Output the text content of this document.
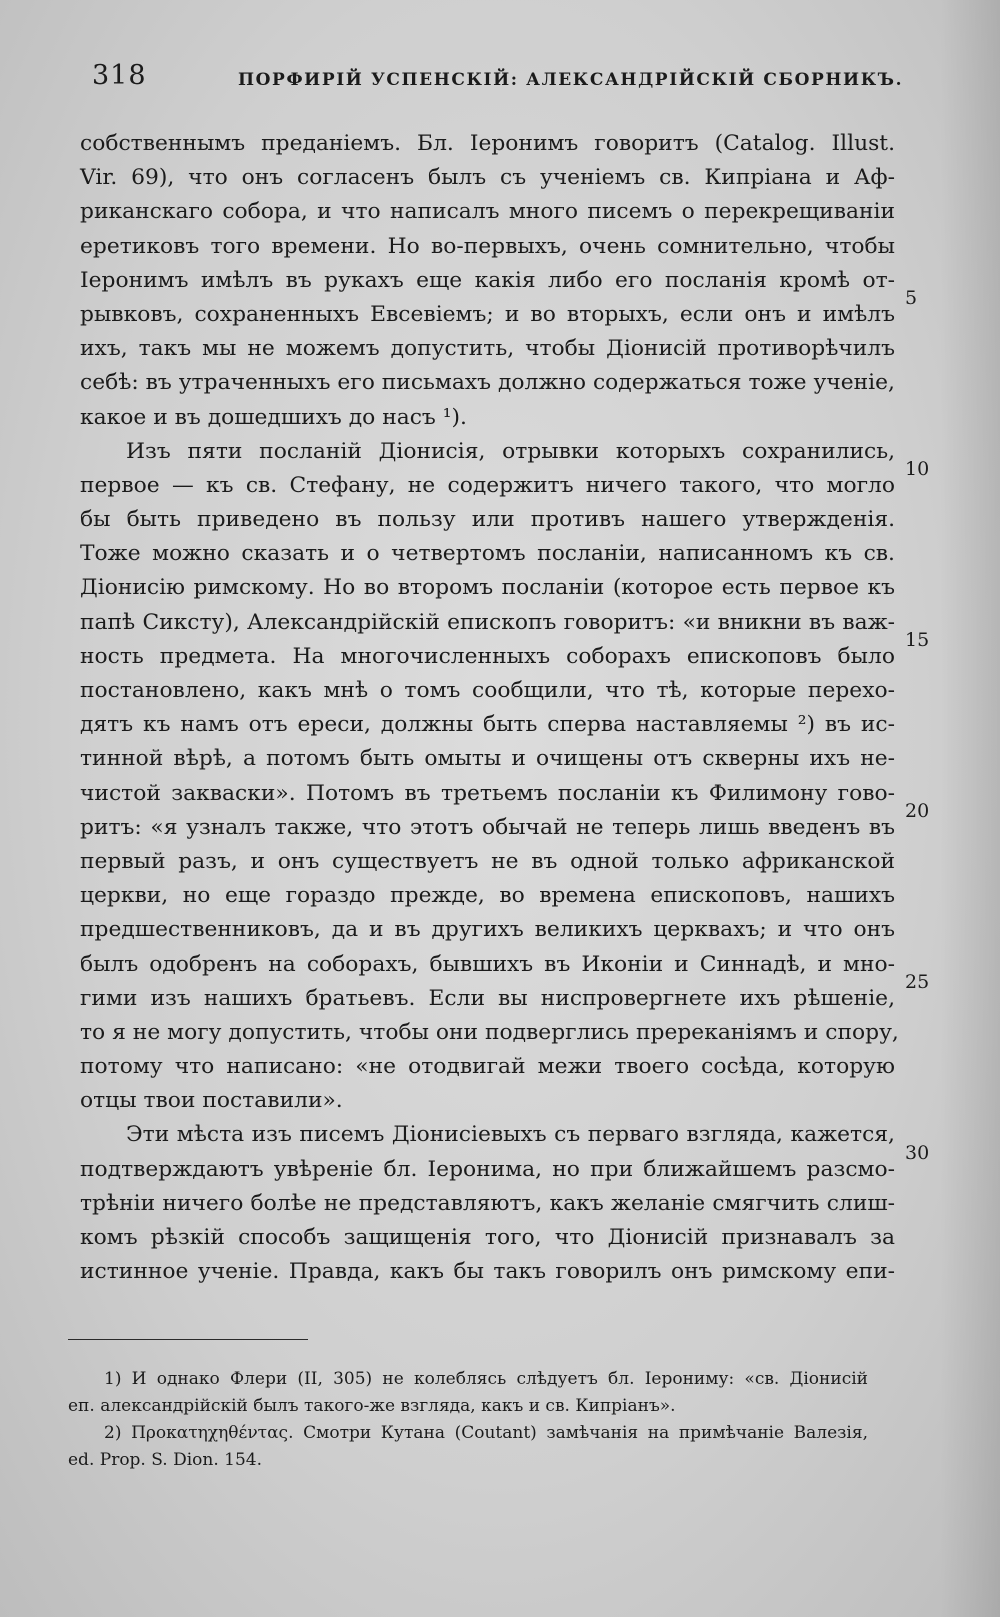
318	ПОРФИРІЙ УСПЕНСКІЙ: АЛЕКСАНДРІЙСКІЙ СБОРНИКЪ.
собственнымъ преданіемъ. Бл. Іеронимъ говоритъ (Catalog. Illust.
Vir. 69), что онъ согласенъ былъ съ ученіемъ св. Кипріана и Аф-
риканскаго собора, и что написалъ много писемъ о перекрещиваніи
еретиковъ того времени. Но во-первыхъ, очень сомнительно, чтобы
Іеронимъ имѣлъ въ рукахъ еще какія либо его посланія кромѣ от-
рывковъ, сохраненныхъ Евсевіемъ; и во вторыхъ, если онъ и имѣлъ
ихъ, такъ мы не можемъ допустить, чтобы Діонисій противорѣчилъ
себѣ: въ утраченныхъ его письмахъ должно содержаться тоже ученіе,
какое и въ дошедшихъ до насъ ¹).
Изъ пяти посланій Діонисія, отрывки которыхъ сохранились,
первое — къ св. Стефану, не содержитъ ничего такого, что могло
бы быть приведено въ пользу или противъ нашего утвержденія.
Тоже можно сказать и о четвертомъ посланіи, написанномъ къ св.
Діонисію римскому. Но во второмъ посланіи (которое есть первое къ
папѣ Сиксту), Александрійскій епископъ говоритъ: «и вникни въ важ-
ность предмета. На многочисленныхъ соборахъ епископовъ было
постановлено, какъ мнѣ о томъ сообщили, что тѣ, которые перехо-
дятъ къ намъ отъ ереси, должны быть сперва наставляемы ²) въ ис-
тинной вѣрѣ, а потомъ быть омыты и очищены отъ скверны ихъ не-
чистой закваски». Потомъ въ третьемъ посланіи къ Филимону гово-
ритъ: «я узналъ также, что этотъ обычай не теперь лишь введенъ въ
первый разъ, и онъ существуетъ не въ одной только африканской
церкви, но еще гораздо прежде, во времена епископовъ, нашихъ
предшественниковъ, да и въ другихъ великихъ церквахъ; и что онъ
былъ одобренъ на соборахъ, бывшихъ въ Иконіи и Синнадѣ, и мно-
гими изъ нашихъ братьевъ. Если вы ниспровергнете ихъ рѣшеніе,
то я не могу допустить, чтобы они подверглись пререканіямъ и спору,
потому что написано: «не отодвигай межи твоего сосѣда, которую
отцы твои поставили».
Эти мѣста изъ писемъ Діонисіевыхъ съ перваго взгляда, кажется,
подтверждаютъ увѣреніе бл. Іеронима, но при ближайшемъ разсмо-
трѣніи ничего болѣе не представляютъ, какъ желаніе смягчить слиш-
комъ рѣзкій способъ защищенія того, что Діонисій признавалъ за
истинное ученіе. Правда, какъ бы такъ говорилъ онъ римскому епи-
5
10
15
20
25
30
1) И однако Флери (II, 305) не колеблясь слѣдуетъ бл. Іерониму: «св. Діонисій
еп. александрійскій былъ такого-же взгляда, какъ и св. Кипріанъ».
2) Προκατηχηθέντας. Смотри Кутана (Coutant) замѣчанія на примѣчаніе Валезія,
ed. Prop. S. Dion. 154.
